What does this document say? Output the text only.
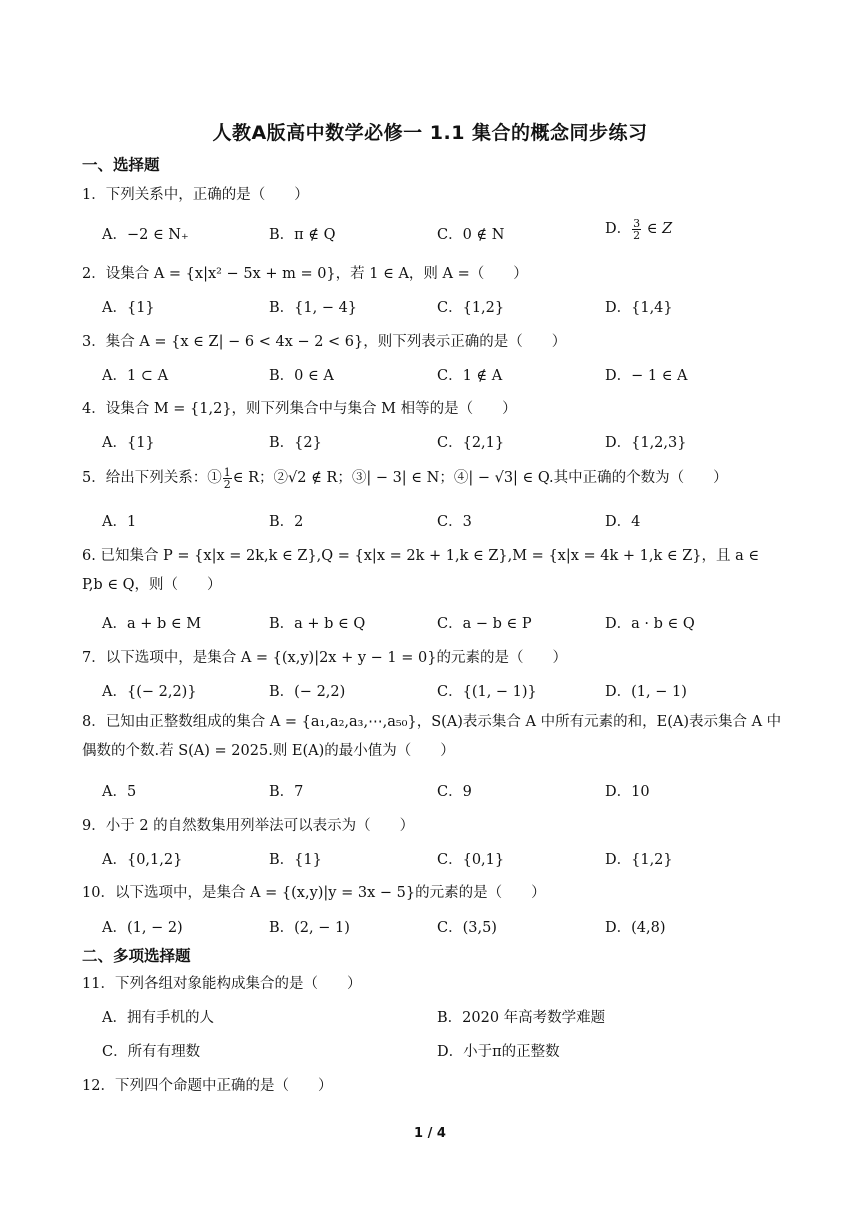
人教A版高中数学必修一 1.1 集合的概念同步练习
一、选择题
1．下列关系中，正确的是（　　）
A．−2 ∈ N₊	B．π ∉ Q	C．0 ∉ N	D． $\frac{3}{2}$ ∈ Z
2．设集合 A = {x|x² − 5x + m = 0}，若 1 ∈ A，则 A =（　　）
A．{1}	B．{1, − 4}	C．{1,2}	D．{1,4}
3．集合 A = {x ∈ Z| − 6 < 4x − 2 < 6}，则下列表示正确的是（　　）
A．1 ⊂ A	B．0 ∈ A	C．1 ∉ A	D．− 1 ∈ A
4．设集合 M = {1,2}，则下列集合中与集合 M 相等的是（　　）
A．{1}	B．{2}	C．{2,1}	D．{1,2,3}
5．给出下列关系：① $\frac{1}{2}$ ∈ R；②√2 ∉ R；③| − 3| ∈ N；④| − √3| ∈ Q.其中正确的个数为（　　）
A．1	B．2	C．3	D．4
6. 已知集合 P = {x|x = 2k,k ∈ Z},Q = {x|x = 2k + 1,k ∈ Z},M = {x|x = 4k + 1,k ∈ Z}，且 a ∈ P,b ∈ Q，则（　　）
A．a + b ∈ M	B．a + b ∈ Q	C．a − b ∈ P	D．a · b ∈ Q
7．以下选项中，是集合 A = {(x,y)|2x + y − 1 = 0}的元素的是（　　）
A．{(− 2,2)}	B．(− 2,2)	C．{(1, − 1)}	D．(1, − 1)
8．已知由正整数组成的集合 A = {a₁,a₂,a₃,⋯,a₅₀}，S(A)表示集合 A 中所有元素的和，E(A)表示集合 A 中偶数的个数.若 S(A) = 2025.则 E(A)的最小值为（　　）
A．5	B．7	C．9	D．10
9．小于 2 的自然数集用列举法可以表示为（　　）
A．{0,1,2}	B．{1}	C．{0,1}	D．{1,2}
10．以下选项中，是集合 A = {(x,y)|y = 3x − 5}的元素的是（　　）
A．(1, − 2)	B．(2, − 1)	C．(3,5)	D．(4,8)
二、多项选择题
11．下列各组对象能构成集合的是（　　）
A．拥有手机的人	B．2020 年高考数学难题
C．所有有理数	D．小于π的正整数
12．下列四个命题中正确的是（　　）
1 / 4
